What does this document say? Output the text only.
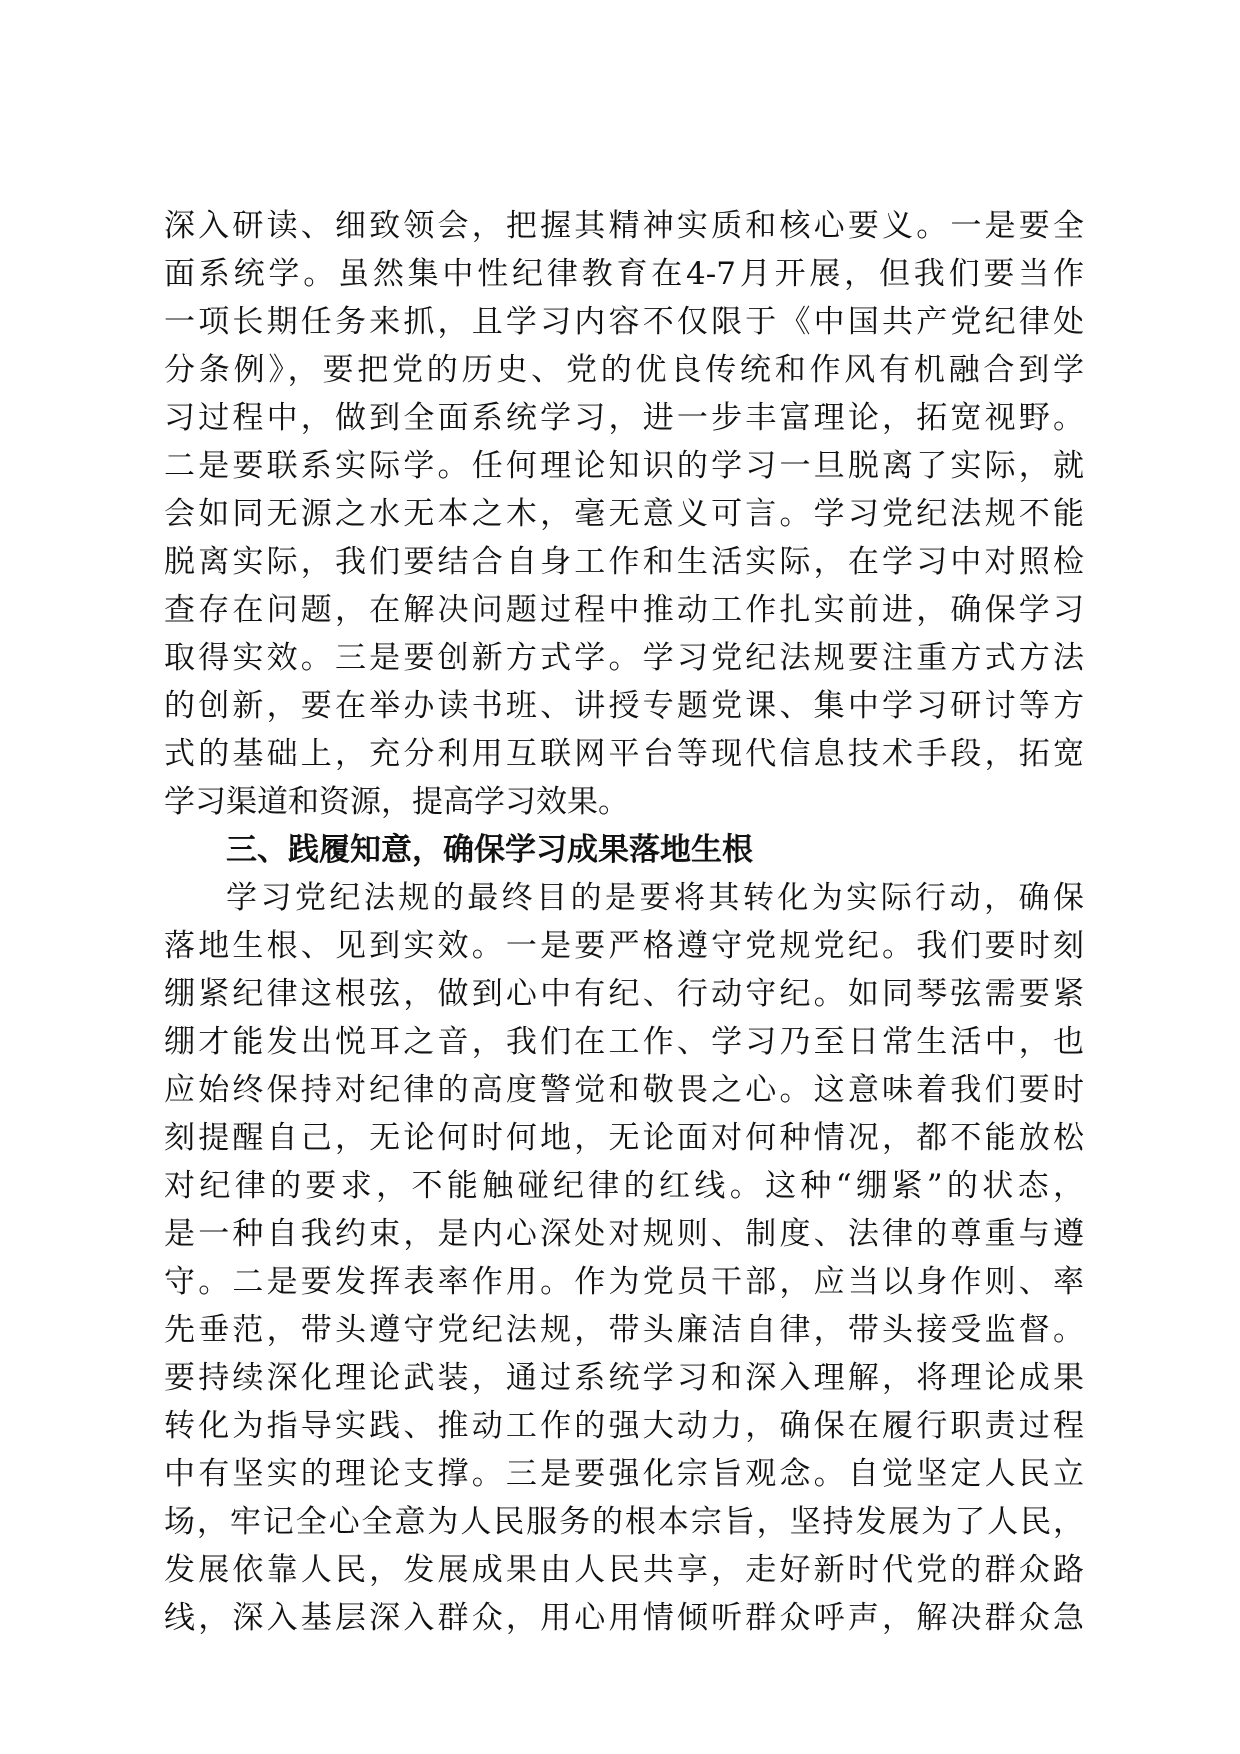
深入研读、细致领会，把握其精神实质和核心要义。一是要全
面系统学。虽然集中性纪律教育在4-7月开展，但我们要当作
一项长期任务来抓，且学习内容不仅限于《中国共产党纪律处
分条例》，要把党的历史、党的优良传统和作风有机融合到学
习过程中，做到全面系统学习，进一步丰富理论，拓宽视野。
二是要联系实际学。任何理论知识的学习一旦脱离了实际，就
会如同无源之水无本之木，毫无意义可言。学习党纪法规不能
脱离实际，我们要结合自身工作和生活实际，在学习中对照检
查存在问题，在解决问题过程中推动工作扎实前进，确保学习
取得实效。三是要创新方式学。学习党纪法规要注重方式方法
的创新，要在举办读书班、讲授专题党课、集中学习研讨等方
式的基础上，充分利用互联网平台等现代信息技术手段，拓宽
学习渠道和资源，提高学习效果。
三、践履知意，确保学习成果落地生根
学习党纪法规的最终目的是要将其转化为实际行动，确保
落地生根、见到实效。一是要严格遵守党规党纪。我们要时刻
绷紧纪律这根弦，做到心中有纪、行动守纪。如同琴弦需要紧
绷才能发出悦耳之音，我们在工作、学习乃至日常生活中，也
应始终保持对纪律的高度警觉和敬畏之心。这意味着我们要时
刻提醒自己，无论何时何地，无论面对何种情况，都不能放松
对纪律的要求，不能触碰纪律的红线。这种“绷紧”的状态，
是一种自我约束，是内心深处对规则、制度、法律的尊重与遵
守。二是要发挥表率作用。作为党员干部，应当以身作则、率
先垂范，带头遵守党纪法规，带头廉洁自律，带头接受监督。
要持续深化理论武装，通过系统学习和深入理解，将理论成果
转化为指导实践、推动工作的强大动力，确保在履行职责过程
中有坚实的理论支撑。三是要强化宗旨观念。自觉坚定人民立
场，牢记全心全意为人民服务的根本宗旨，坚持发展为了人民，
发展依靠人民，发展成果由人民共享，走好新时代党的群众路
线，深入基层深入群众，用心用情倾听群众呼声，解决群众急
